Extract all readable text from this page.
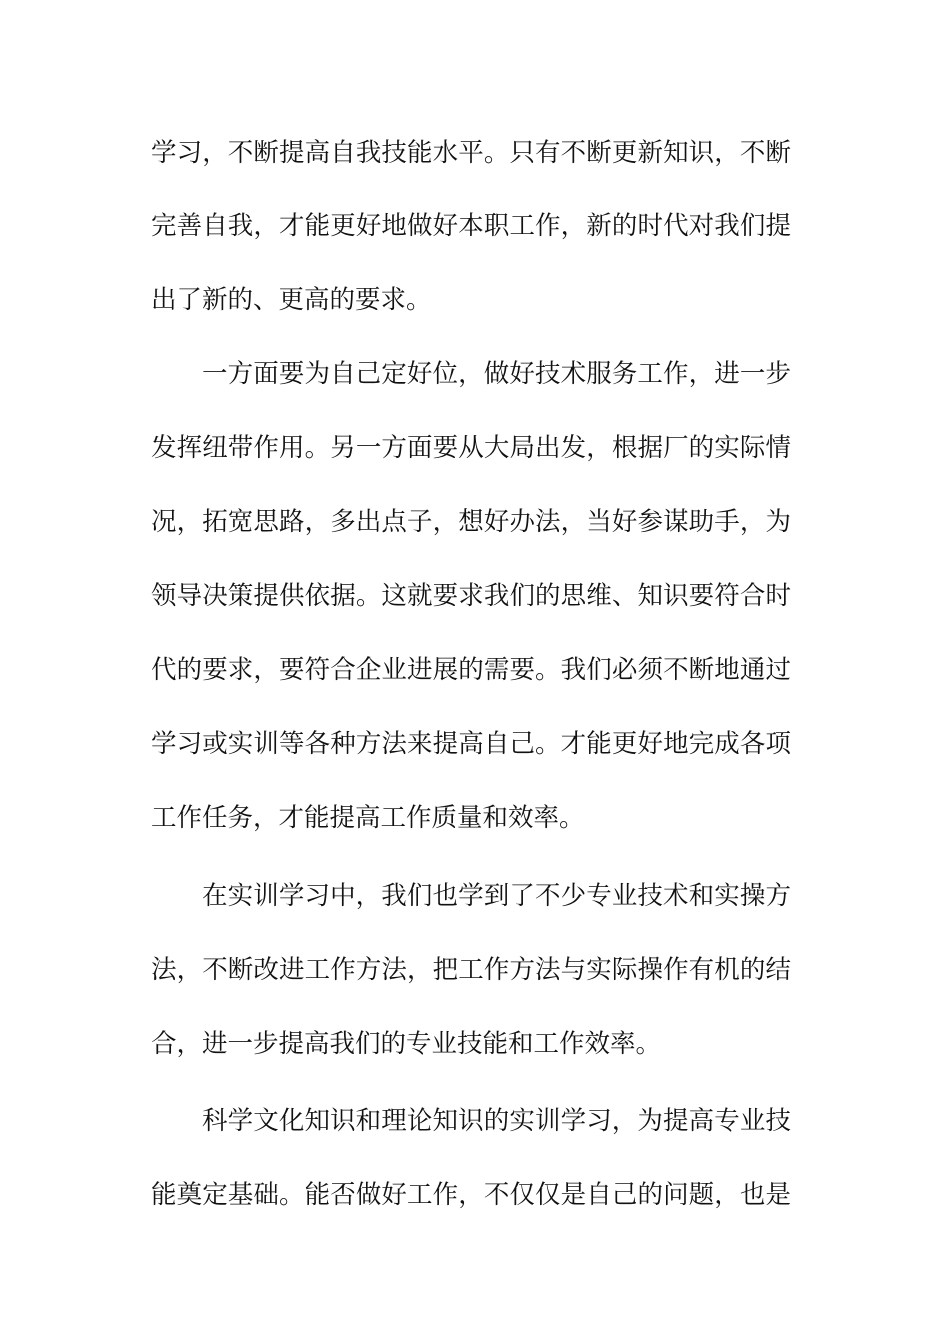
学习，不断提高自我技能水平。只有不断更新知识，不断
完善自我，才能更好地做好本职工作，新的时代对我们提
出了新的、更高的要求。
一方面要为自己定好位，做好技术服务工作，进一步
发挥纽带作用。另一方面要从大局出发，根据厂的实际情
况，拓宽思路，多出点子，想好办法，当好参谋助手，为
领导决策提供依据。这就要求我们的思维、知识要符合时
代的要求，要符合企业进展的需要。我们必须不断地通过
学习或实训等各种方法来提高自己。才能更好地完成各项
工作任务，才能提高工作质量和效率。
在实训学习中，我们也学到了不少专业技术和实操方
法，不断改进工作方法，把工作方法与实际操作有机的结
合，进一步提高我们的专业技能和工作效率。
科学文化知识和理论知识的实训学习，为提高专业技
能奠定基础。能否做好工作，不仅仅是自己的问题，也是
